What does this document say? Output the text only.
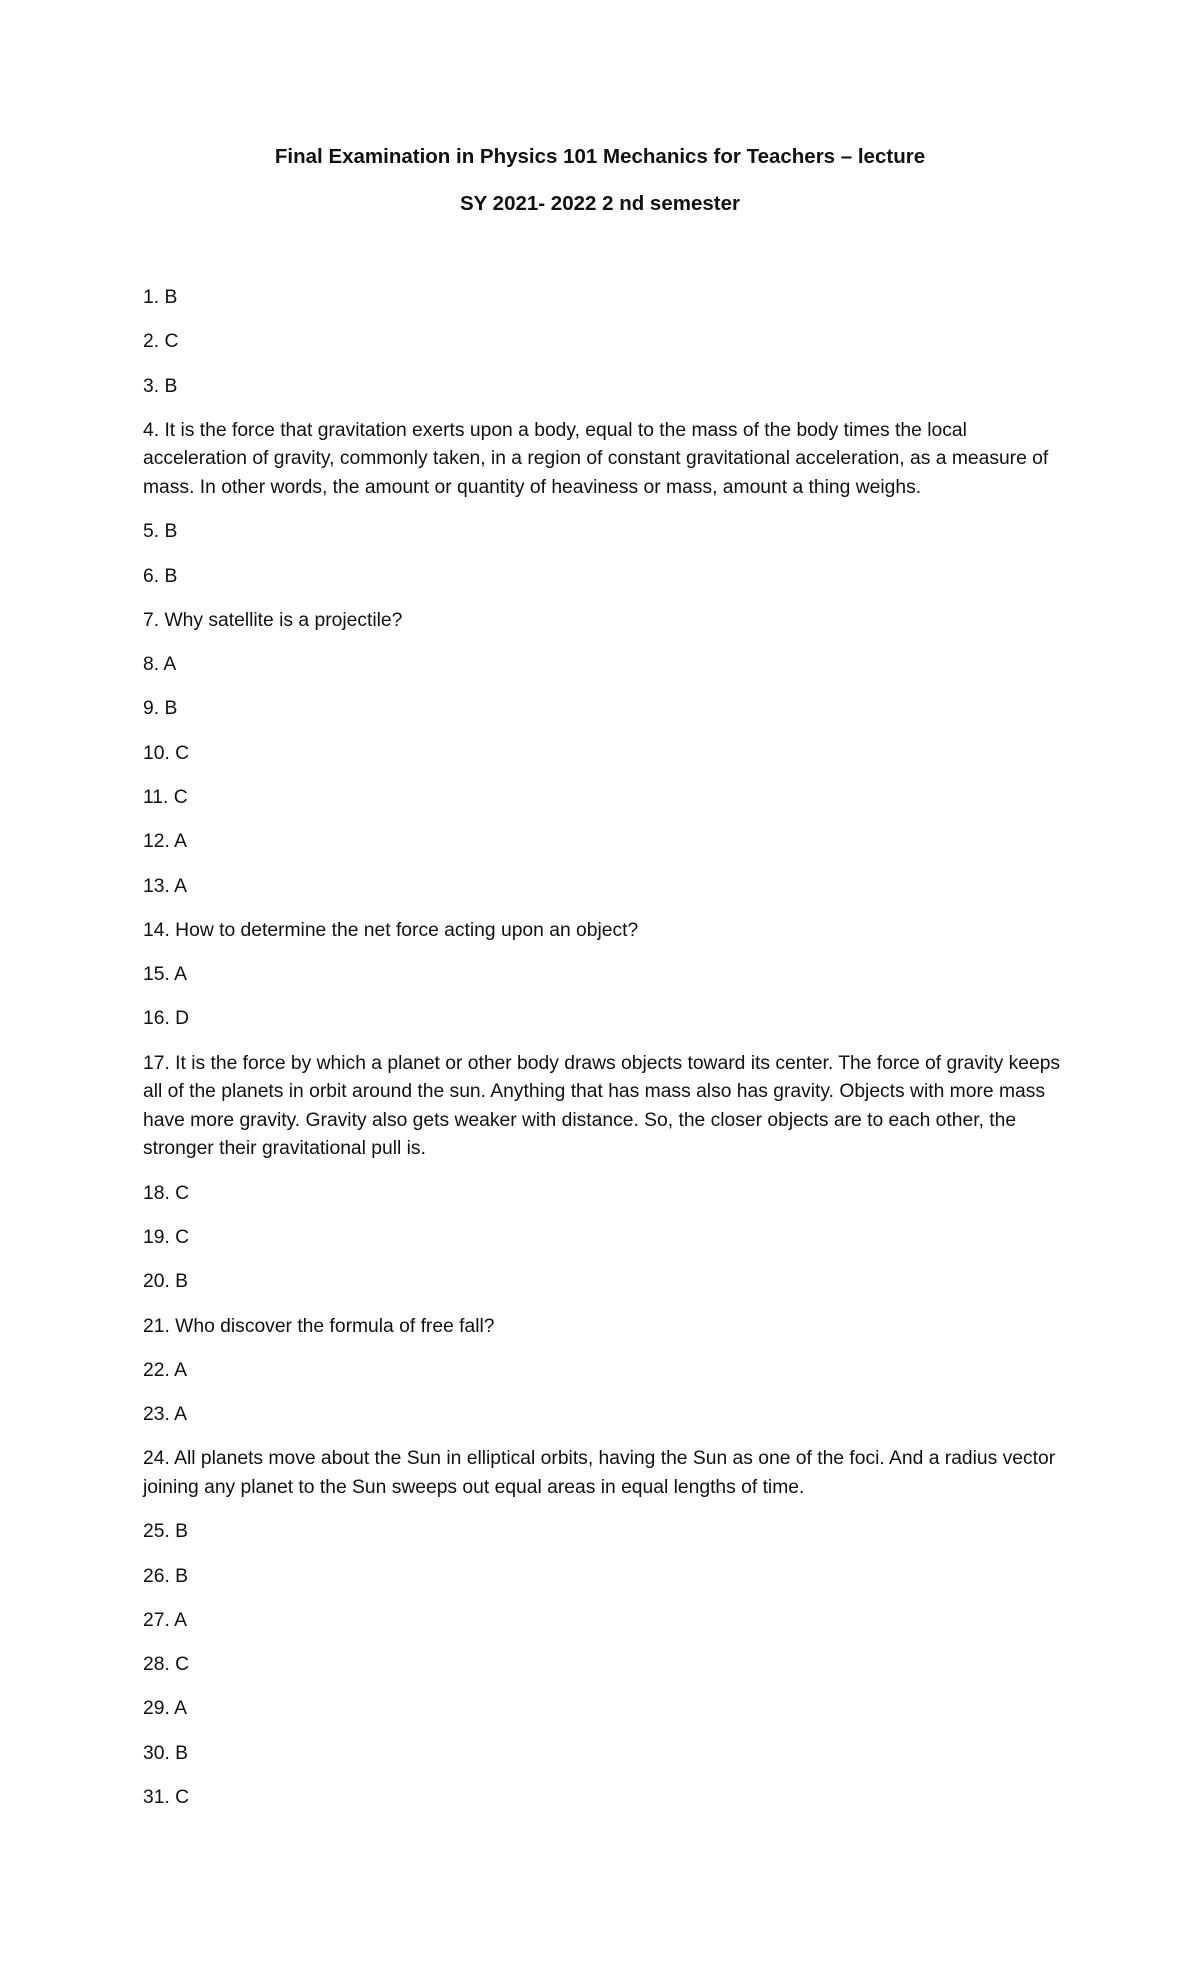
Final Examination in Physics 101 Mechanics for Teachers – lecture
SY 2021- 2022 2 nd semester
1. B
2. C
3. B
4. It is the force that gravitation exerts upon a body, equal to the mass of the body times the local acceleration of gravity, commonly taken, in a region of constant gravitational acceleration, as a measure of mass. In other words, the amount or quantity of heaviness or mass, amount a thing weighs.
5. B
6. B
7. Why satellite is a projectile?
8. A
9. B
10. C
11. C
12. A
13. A
14. How to determine the net force acting upon an object?
15. A
16. D
17. It is the force by which a planet or other body draws objects toward its center. The force of gravity keeps all of the planets in orbit around the sun. Anything that has mass also has gravity. Objects with more mass have more gravity. Gravity also gets weaker with distance. So, the closer objects are to each other, the stronger their gravitational pull is.
18. C
19. C
20. B
21. Who discover the formula of free fall?
22. A
23. A
24. All planets move about the Sun in elliptical orbits, having the Sun as one of the foci. And a radius vector joining any planet to the Sun sweeps out equal areas in equal lengths of time.
25. B
26. B
27. A
28. C
29. A
30. B
31. C
